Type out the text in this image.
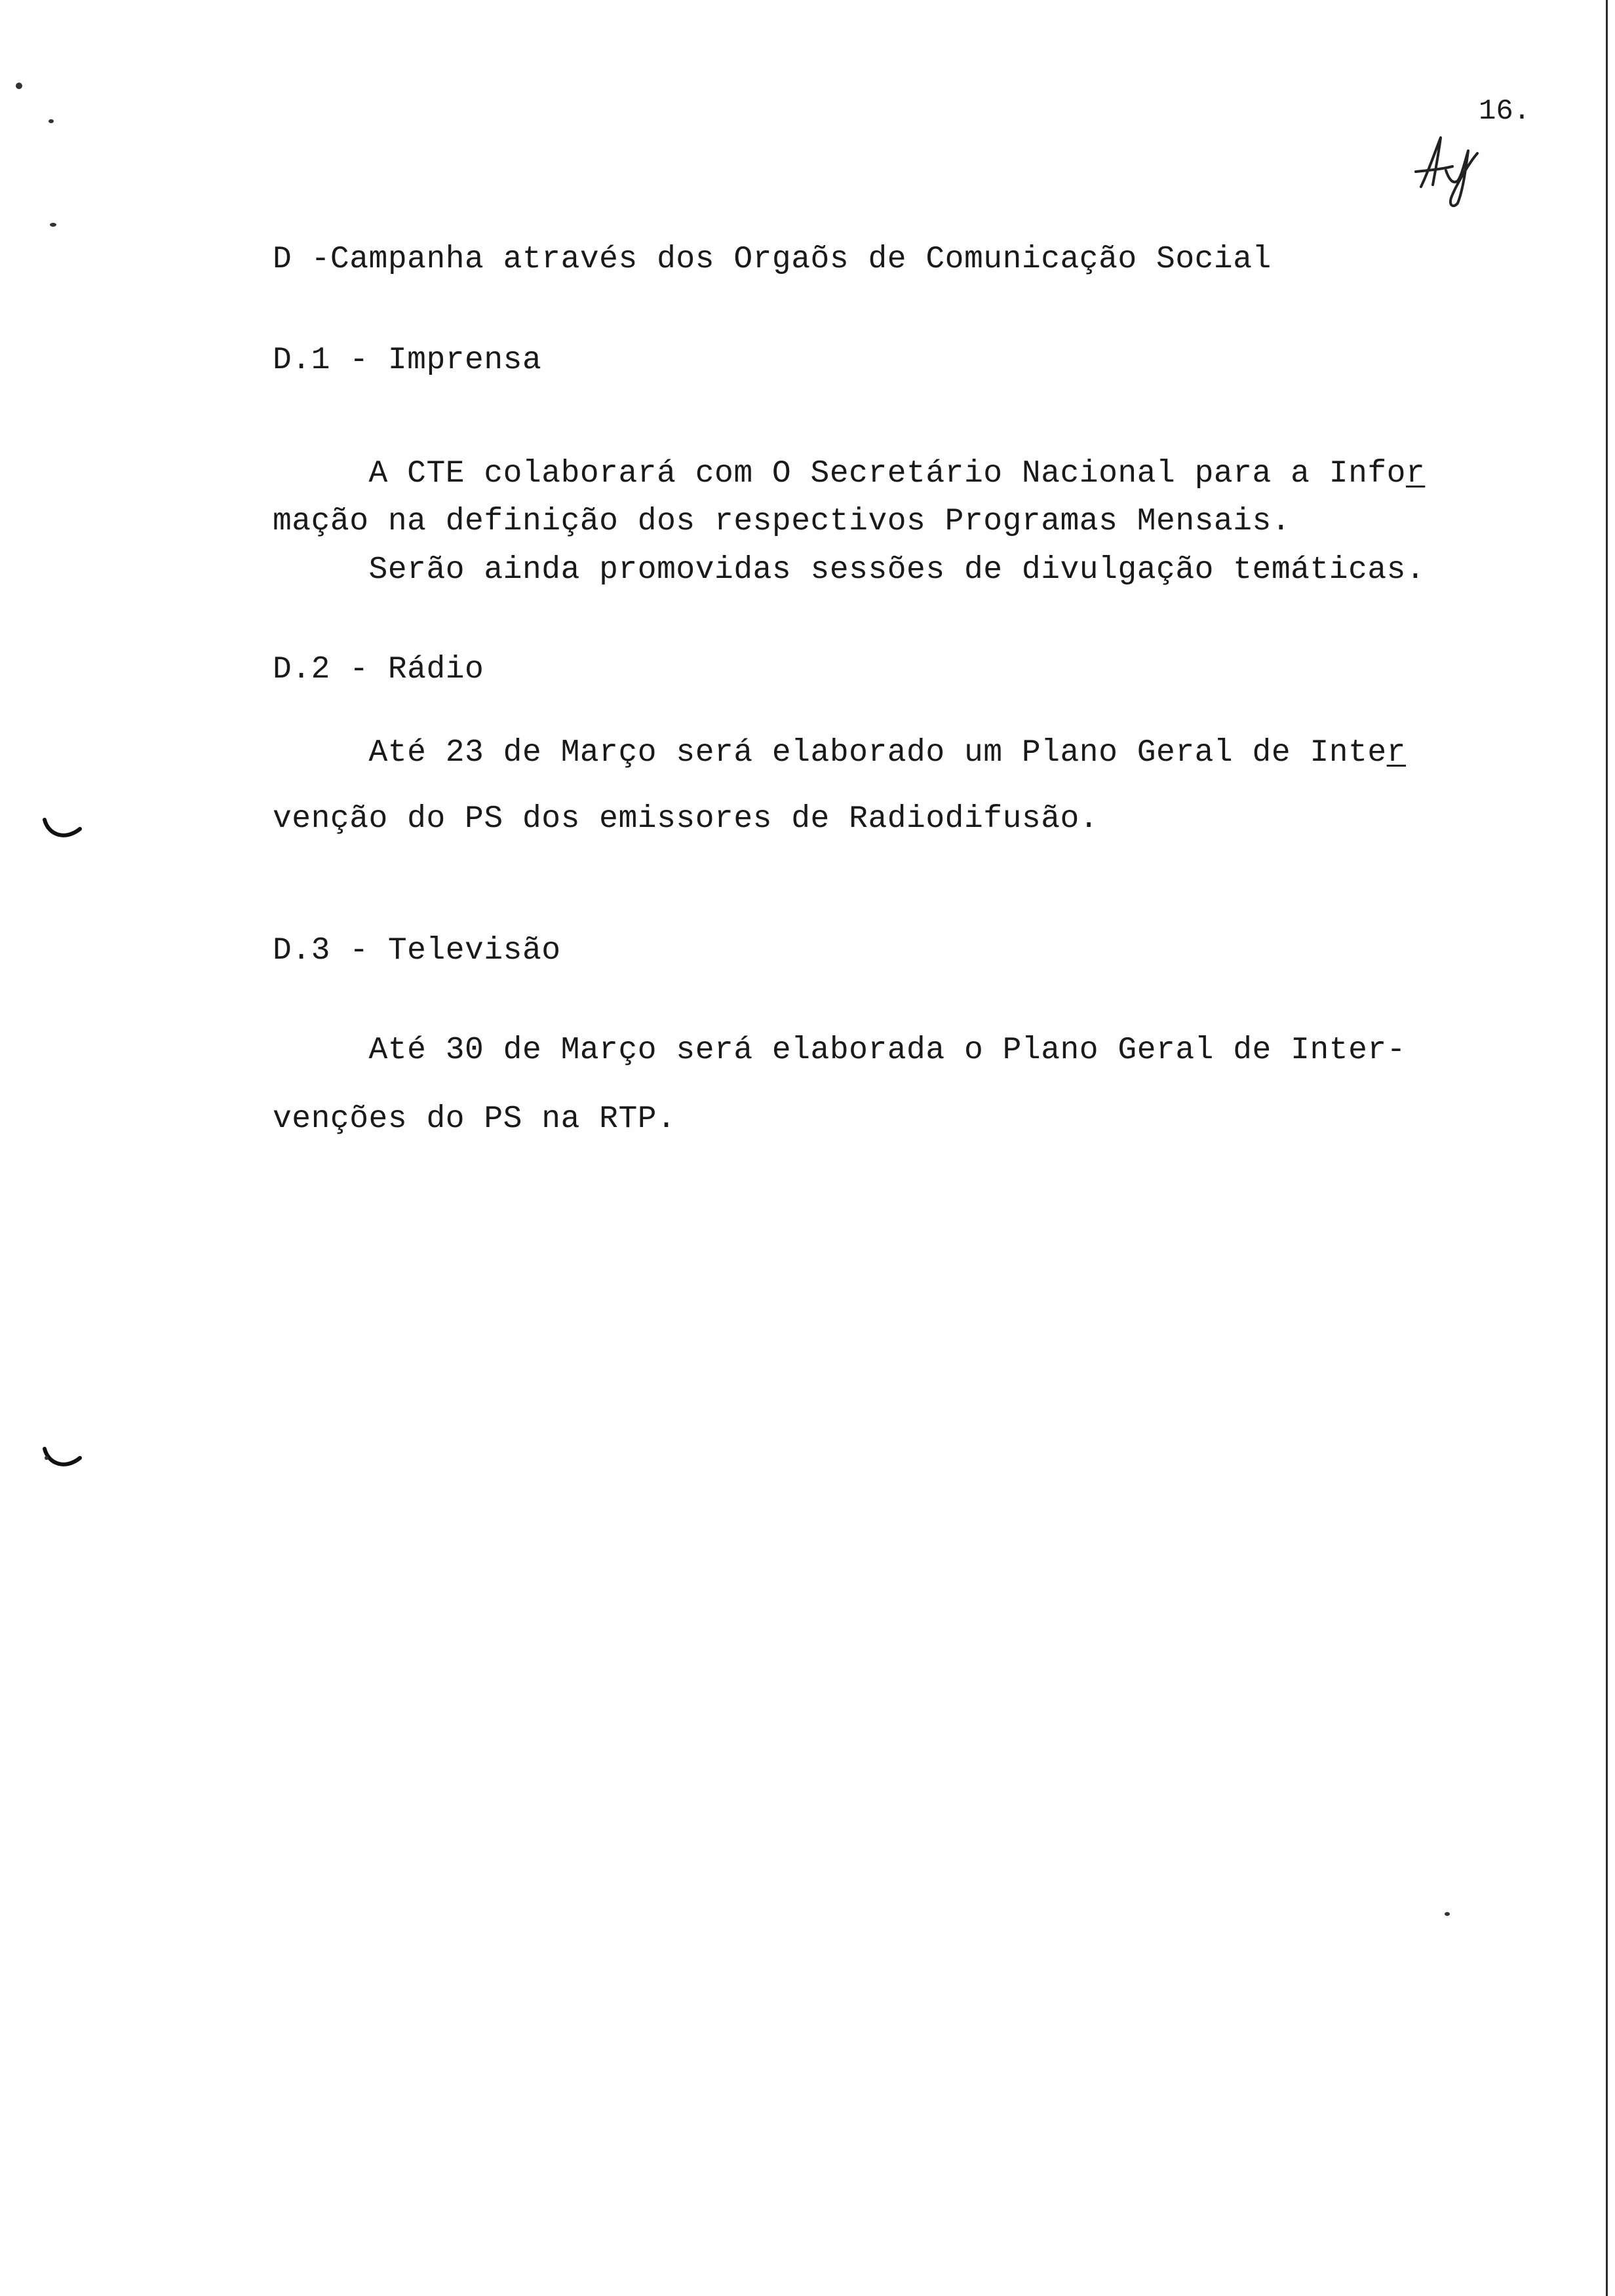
16.
D -Campanha através dos Orgaõs de Comunicação Social
D.1 - Imprensa
A CTE colaborará com O Secretário Nacional para a Infor
mação na definição dos respectivos Programas Mensais.
Serão ainda promovidas sessões de divulgação temáticas.
D.2 - Rádio
Até 23 de Março será elaborado um Plano Geral de Inter
venção do PS dos emissores de Radiodifusão.
D.3 - Televisão
Até 30 de Março será elaborada o Plano Geral de Inter-
venções do PS na RTP.
